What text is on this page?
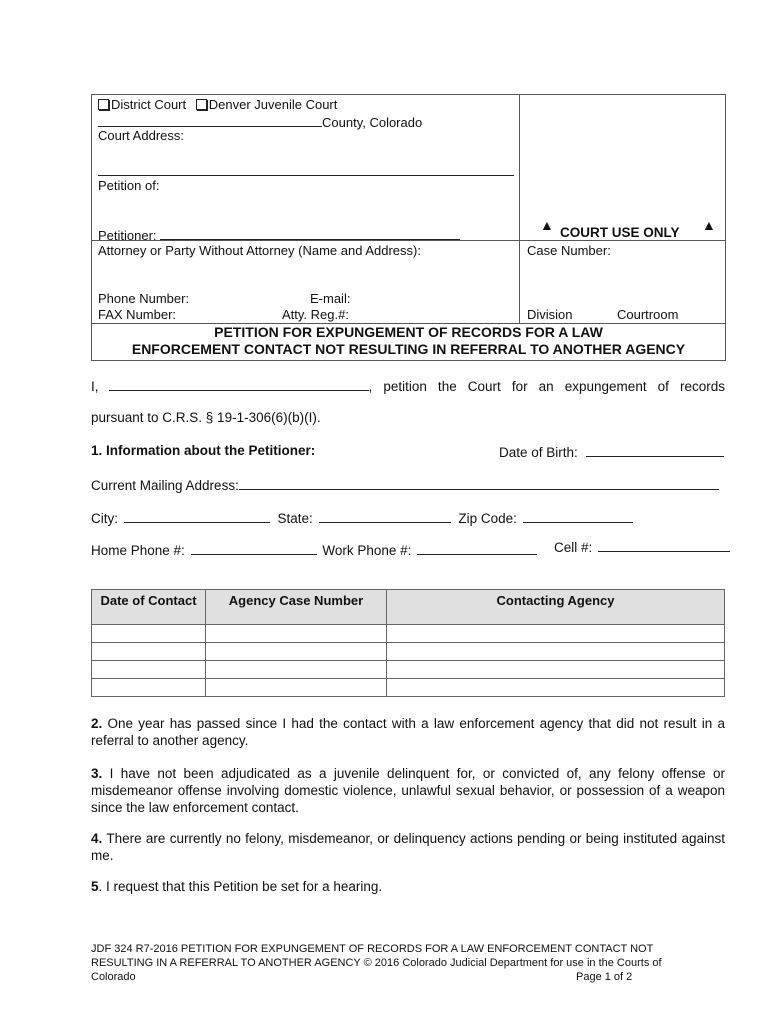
District Court Denver Juvenile Court
County, Colorado
Court Address:
Petition of:
Petitioner:
▲ COURT USE ONLY ▲
Attorney or Party Without Attorney (Name and Address):	Case Number:
Phone Number:	E-mail:
FAX Number:	Atty. Reg.#:	Division	Courtroom
PETITION FOR EXPUNGEMENT OF RECORDS FOR A LAW
ENFORCEMENT CONTACT NOT RESULTING IN REFERRAL TO ANOTHER AGENCY
I,	, petition the Court for an expungement of records
pursuant to C.R.S. § 19-1-306(6)(b)(I).
1. Information about the Petitioner:	Date of Birth:
Current Mailing Address:
City:	State:	Zip Code:
Home Phone #:	Work Phone #:	Cell #:
Date of Contact	Agency Case Number	Contacting Agency

2. One year has passed since I had the contact with a law enforcement agency that did not result in a referral to another agency.
3. I have not been adjudicated as a juvenile delinquent for, or convicted of, any felony offense or misdemeanor offense involving domestic violence, unlawful sexual behavior, or possession of a weapon since the law enforcement contact.
4. There are currently no felony, misdemeanor, or delinquency actions pending or being instituted against me.
5. I request that this Petition be set for a hearing.
JDF 324 R7-2016 PETITION FOR EXPUNGEMENT OF RECORDS FOR A LAW ENFORCEMENT CONTACT NOT
RESULTING IN A REFERRAL TO ANOTHER AGENCY © 2016 Colorado Judicial Department for use in the Courts of
Colorado	Page 1 of 2
